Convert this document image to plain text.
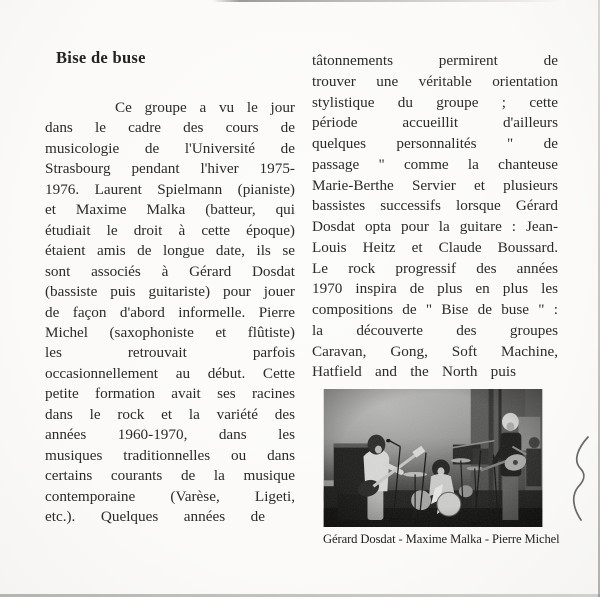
Bise de buse
Ce groupe a vu le jour
dans le cadre des cours de
musicologie de l'Université de
Strasbourg pendant l'hiver 1975-
1976. Laurent Spielmann (pianiste)
et Maxime Malka (batteur, qui
étudiait le droit à cette époque)
étaient amis de longue date, ils se
sont associés à Gérard Dosdat
(bassiste puis guitariste) pour jouer
de façon d'abord informelle. Pierre
Michel (saxophoniste et flûtiste)
les retrouvait parfois
occasionnellement au début. Cette
petite formation avait ses racines
dans le rock et la variété des
années 1960-1970, dans les
musiques traditionnelles ou dans
certains courants de la musique
contemporaine (Varèse, Ligeti,
etc.). Quelques années de
tâtonnements permirent de
trouver une véritable orientation
stylistique du groupe ; cette
période accueillit d'ailleurs
quelques personnalités " de
passage " comme la chanteuse
Marie-Berthe Servier et plusieurs
bassistes successifs lorsque Gérard
Dosdat opta pour la guitare : Jean-
Louis Heitz et Claude Boussard.
Le rock progressif des années
1970 inspira de plus en plus les
compositions de " Bise de buse " :
la découverte des groupes
Caravan, Gong, Soft Machine,
Hatfield and the North puis
Gérard Dosdat - Maxime Malka - Pierre Michel
